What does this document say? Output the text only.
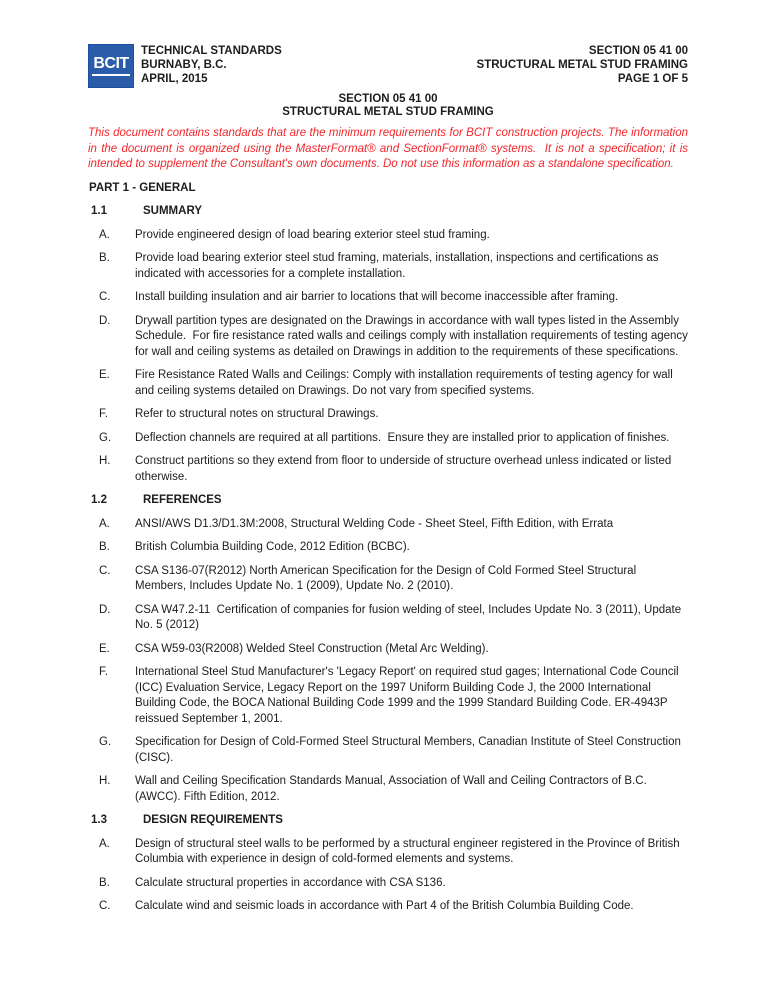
BCIT
TECHNICAL STANDARDS
BURNABY, B.C.
APRIL, 2015
SECTION 05 41 00
STRUCTURAL METAL STUD FRAMING
PAGE 1 OF 5
SECTION 05 41 00
STRUCTURAL METAL STUD FRAMING

This document contains standards that are the minimum requirements for BCIT construction projects. The information in the document is organized using the MasterFormat® and SectionFormat® systems.  It is not a specification; it is intended to supplement the Consultant's own documents. Do not use this information as a standalone specification.

PART 1 - GENERAL
1.1	SUMMARY
A.	Provide engineered design of load bearing exterior steel stud framing.
B.	Provide load bearing exterior steel stud framing, materials, installation, inspections and certifications as indicated with accessories for a complete installation.
C.	Install building insulation and air barrier to locations that will become inaccessible after framing.
D.	Drywall partition types are designated on the Drawings in accordance with wall types listed in the Assembly Schedule.  For fire resistance rated walls and ceilings comply with installation requirements of testing agency for wall and ceiling systems as detailed on Drawings in addition to the requirements of these specifications.
E.	Fire Resistance Rated Walls and Ceilings: Comply with installation requirements of testing agency for wall and ceiling systems detailed on Drawings. Do not vary from specified systems.
F.	Refer to structural notes on structural Drawings.
G.	Deflection channels are required at all partitions.  Ensure they are installed prior to application of finishes.
H.	Construct partitions so they extend from floor to underside of structure overhead unless indicated or listed otherwise.
1.2	REFERENCES
A.	ANSI/AWS D1.3/D1.3M:2008, Structural Welding Code - Sheet Steel, Fifth Edition, with Errata
B.	British Columbia Building Code, 2012 Edition (BCBC).
C.	CSA S136-07(R2012) North American Specification for the Design of Cold Formed Steel Structural Members, Includes Update No. 1 (2009), Update No. 2 (2010).
D.	CSA W47.2-11  Certification of companies for fusion welding of steel, Includes Update No. 3 (2011), Update No. 5 (2012)
E.	CSA W59-03(R2008) Welded Steel Construction (Metal Arc Welding).
F.	International Steel Stud Manufacturer's 'Legacy Report' on required stud gages; International Code Council (ICC) Evaluation Service, Legacy Report on the 1997 Uniform Building Code J, the 2000 International Building Code, the BOCA National Building Code 1999 and the 1999 Standard Building Code. ER-4943P reissued September 1, 2001.
G.	Specification for Design of Cold-Formed Steel Structural Members, Canadian Institute of Steel Construction (CISC).
H.	Wall and Ceiling Specification Standards Manual, Association of Wall and Ceiling Contractors of B.C. (AWCC). Fifth Edition, 2012.
1.3	DESIGN REQUIREMENTS
A.	Design of structural steel walls to be performed by a structural engineer registered in the Province of British Columbia with experience in design of cold-formed elements and systems.
B.	Calculate structural properties in accordance with CSA S136.
C.	Calculate wind and seismic loads in accordance with Part 4 of the British Columbia Building Code.
